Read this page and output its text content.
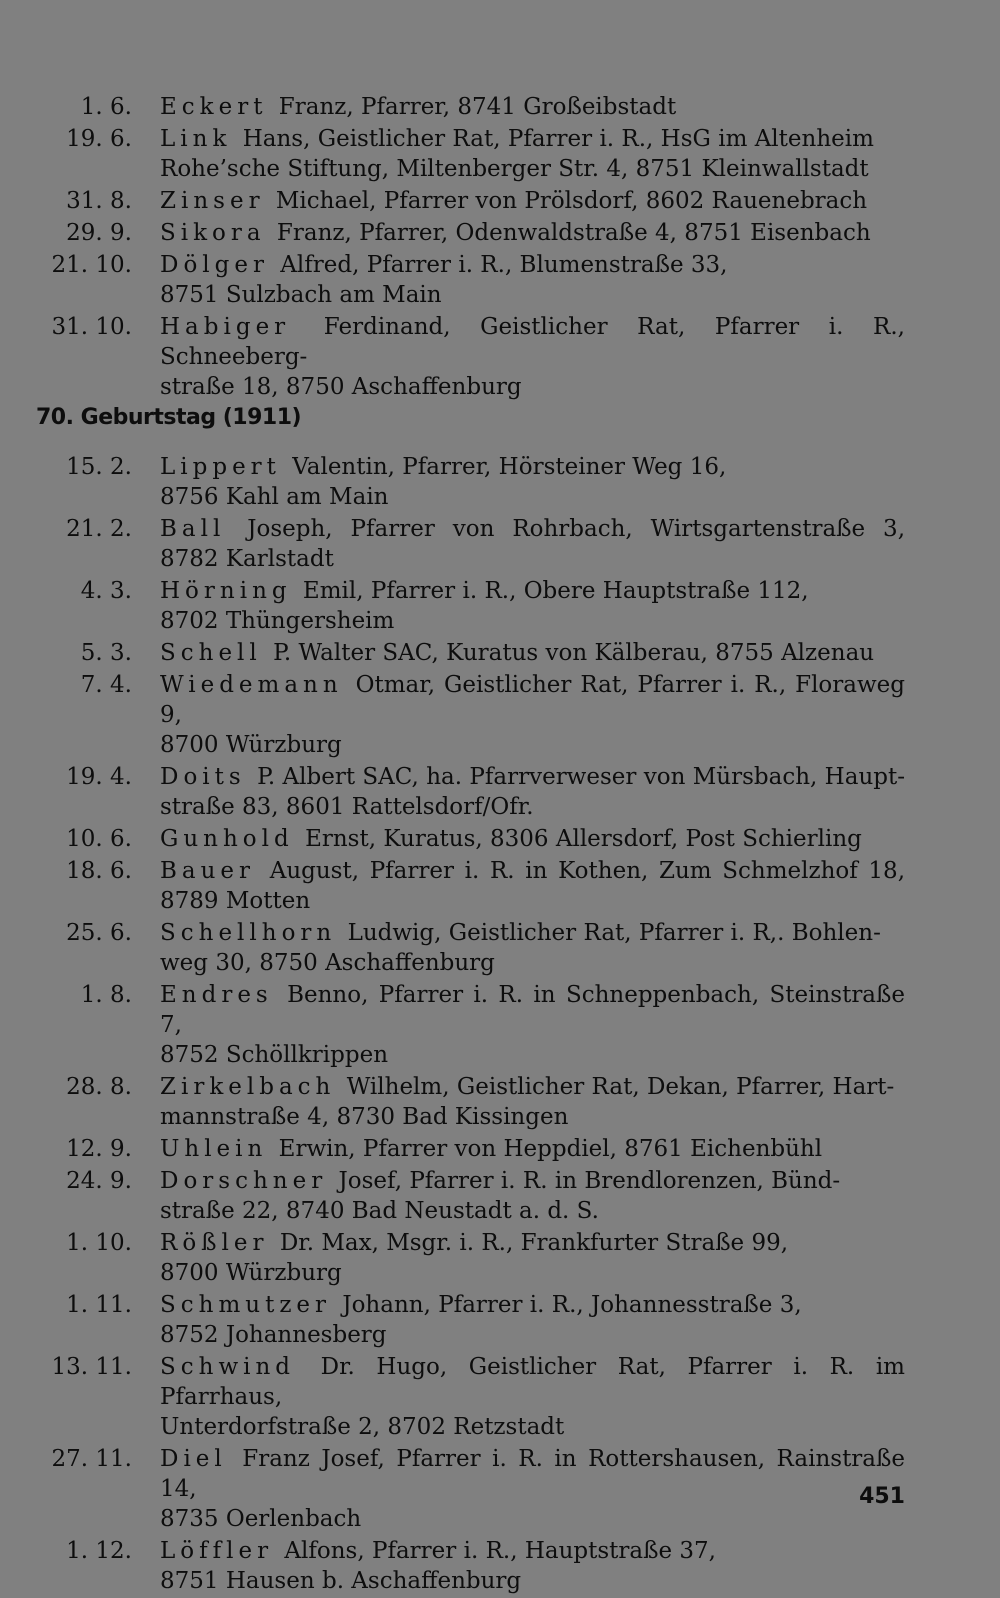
1. 6. Eckert Franz, Pfarrer, 8741 Großeibstadt
19. 6. Link Hans, Geistlicher Rat, Pfarrer i. R., HsG im Altenheim
Rohe’sche Stiftung, Miltenberger Str. 4, 8751 Kleinwallstadt
31. 8. Zinser Michael, Pfarrer von Prölsdorf, 8602 Rauenebrach
29. 9. Sikora Franz, Pfarrer, Odenwaldstraße 4, 8751 Eisenbach
21. 10. Dölger Alfred, Pfarrer i. R., Blumenstraße 33,
8751 Sulzbach am Main
31. 10. Habiger Ferdinand, Geistlicher Rat, Pfarrer i. R., Schneeberg-
straße 18, 8750 Aschaffenburg
70. Geburtstag (1911)
15. 2. Lippert Valentin, Pfarrer, Hörsteiner Weg 16,
8756 Kahl am Main
21. 2. Ball Joseph, Pfarrer von Rohrbach, Wirtsgartenstraße 3,
8782 Karlstadt
4. 3. Hörning Emil, Pfarrer i. R., Obere Hauptstraße 112,
8702 Thüngersheim
5. 3. Schell P. Walter SAC, Kuratus von Kälberau, 8755 Alzenau
7. 4. Wiedemann Otmar, Geistlicher Rat, Pfarrer i. R., Floraweg 9,
8700 Würzburg
19. 4. Doits P. Albert SAC, ha. Pfarrverweser von Mürsbach, Haupt-
straße 83, 8601 Rattelsdorf/Ofr.
10. 6. Gunhold Ernst, Kuratus, 8306 Allersdorf, Post Schierling
18. 6. Bauer August, Pfarrer i. R. in Kothen, Zum Schmelzhof 18,
8789 Motten
25. 6. Schellhorn Ludwig, Geistlicher Rat, Pfarrer i. R,. Bohlen-
weg 30, 8750 Aschaffenburg
1. 8. Endres Benno, Pfarrer i. R. in Schneppenbach, Steinstraße 7,
8752 Schöllkrippen
28. 8. Zirkelbach Wilhelm, Geistlicher Rat, Dekan, Pfarrer, Hart-
mannstraße 4, 8730 Bad Kissingen
12. 9. Uhlein Erwin, Pfarrer von Heppdiel, 8761 Eichenbühl
24. 9. Dorschner Josef, Pfarrer i. R. in Brendlorenzen, Bünd-
straße 22, 8740 Bad Neustadt a. d. S.
1. 10. Rößler Dr. Max, Msgr. i. R., Frankfurter Straße 99,
8700 Würzburg
1. 11. Schmutzer Johann, Pfarrer i. R., Johannesstraße 3,
8752 Johannesberg
13. 11. Schwind Dr. Hugo, Geistlicher Rat, Pfarrer i. R. im Pfarrhaus,
Unterdorfstraße 2, 8702 Retzstadt
27. 11. Diel Franz Josef, Pfarrer i. R. in Rottershausen, Rainstraße 14,
8735 Oerlenbach
1. 12. Löffler Alfons, Pfarrer i. R., Hauptstraße 37,
8751 Hausen b. Aschaffenburg
451
